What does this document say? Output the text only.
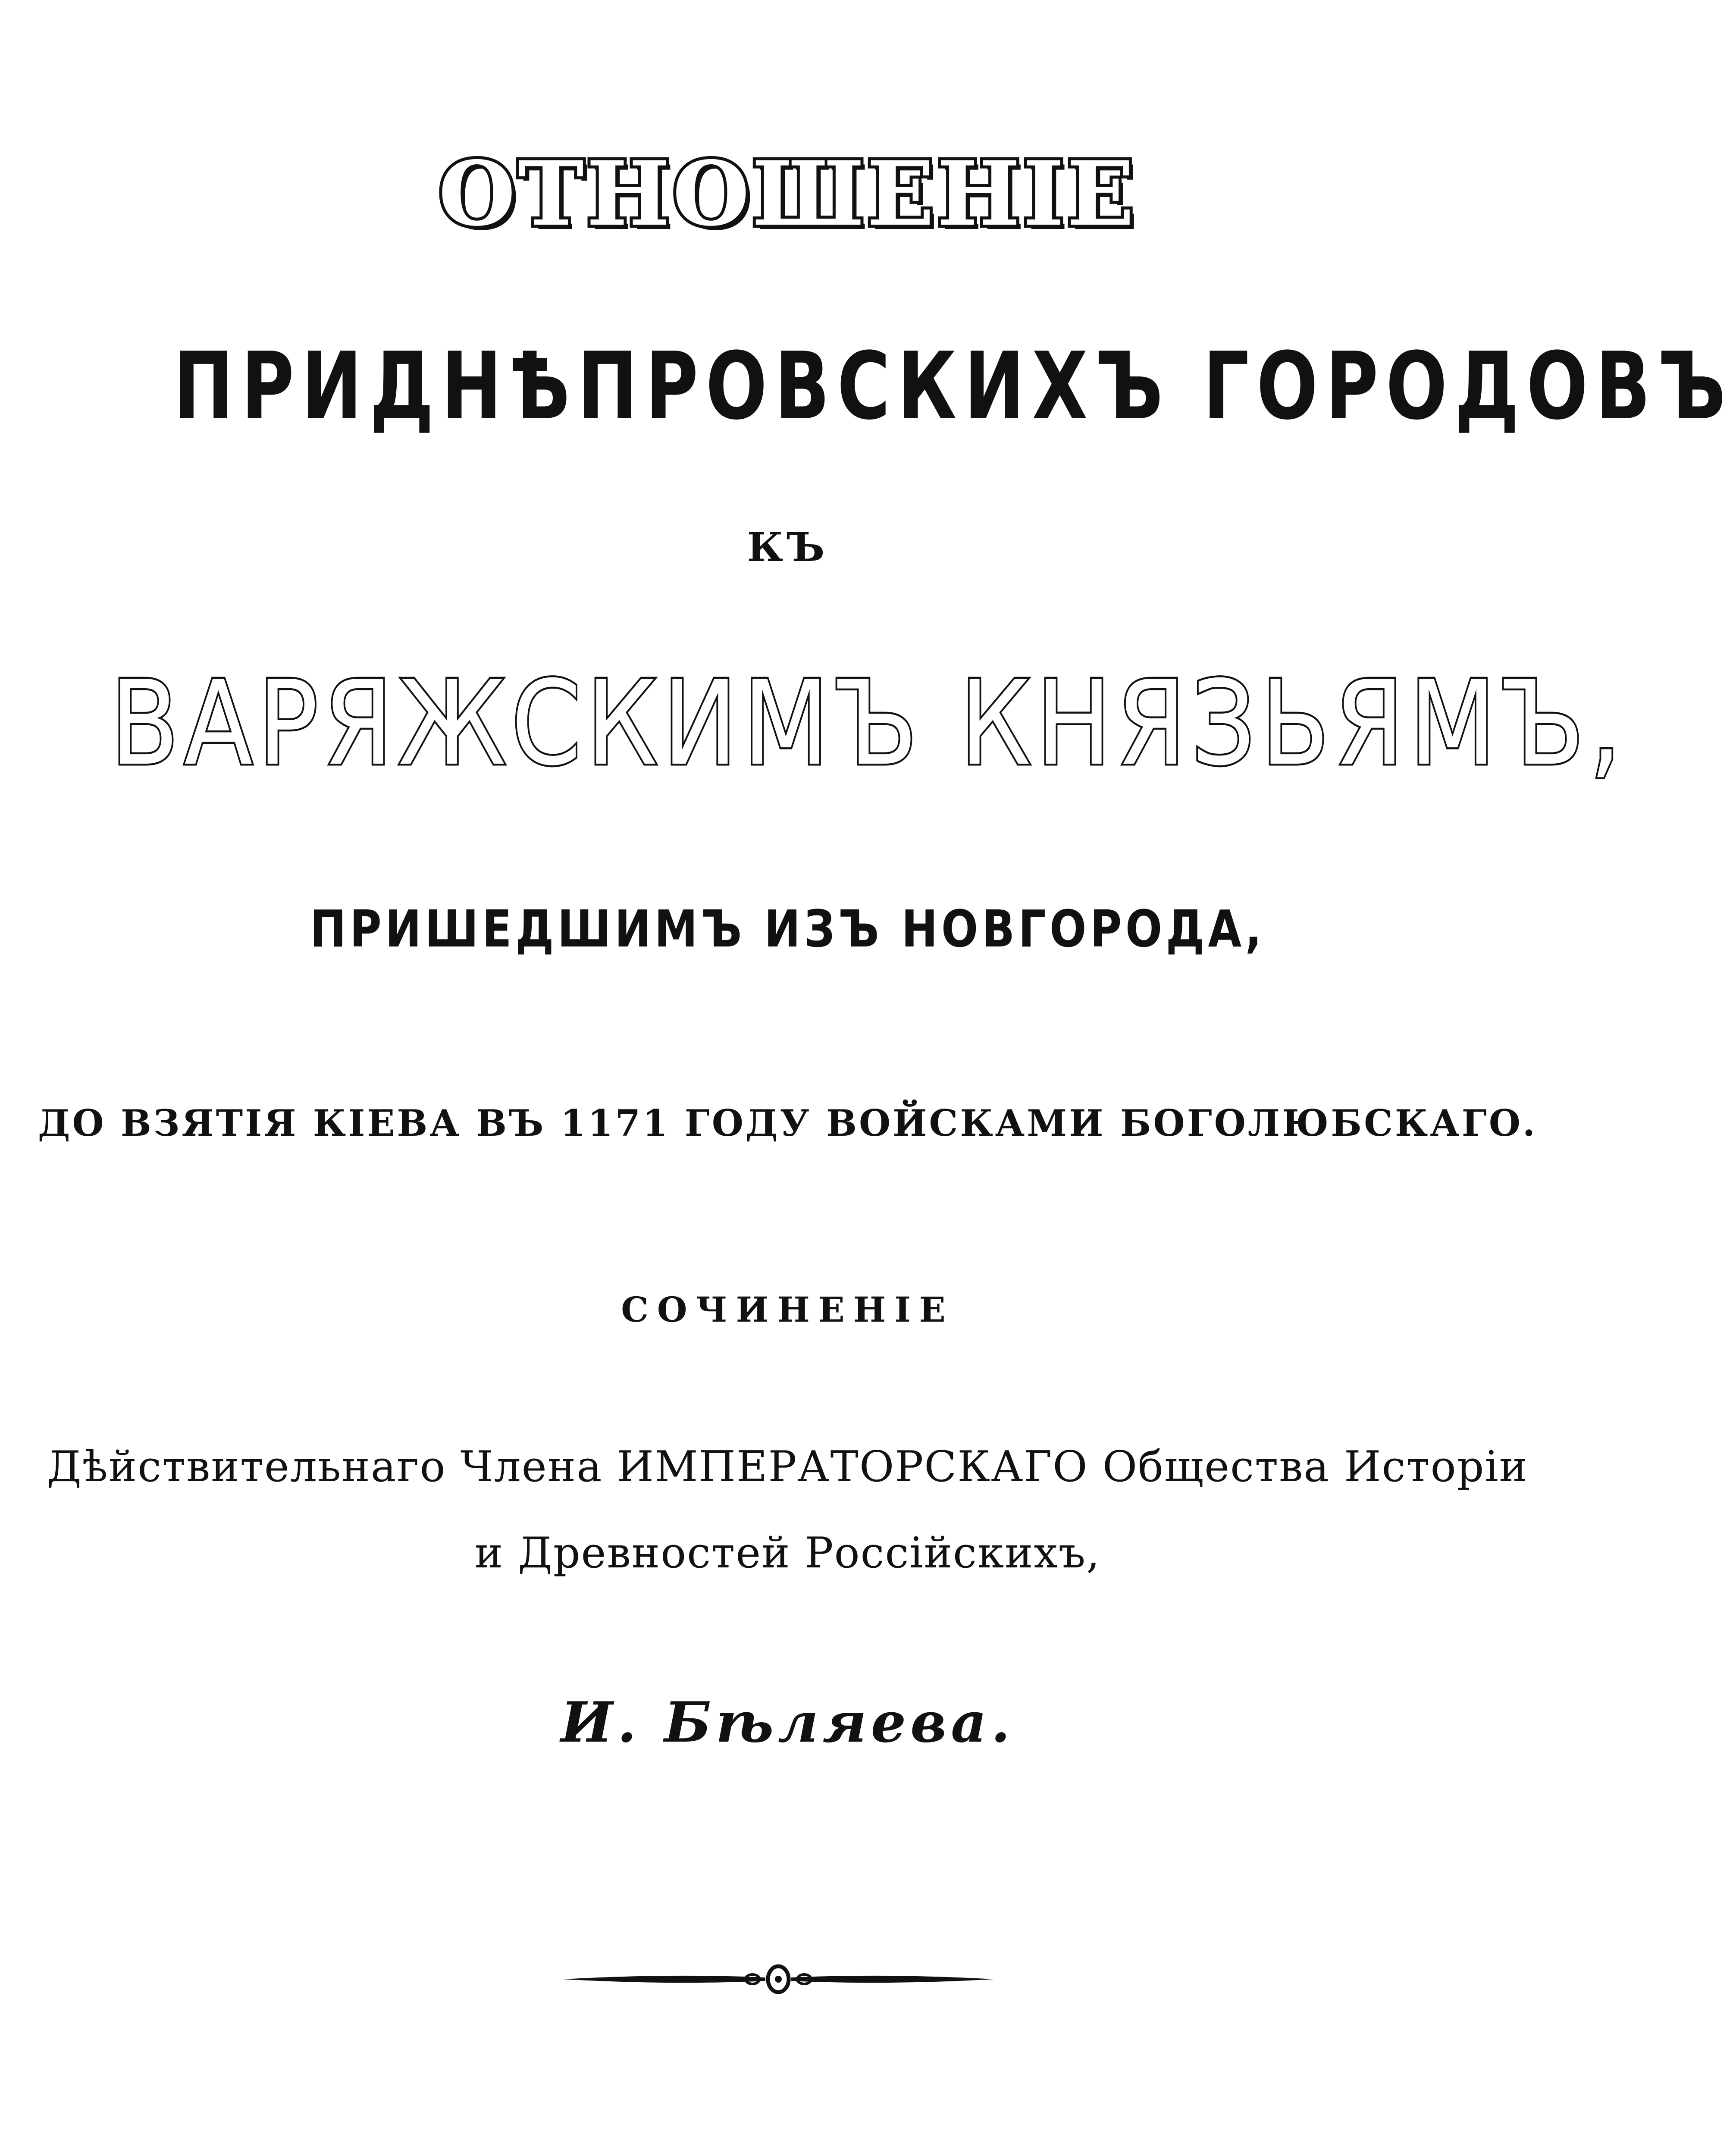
ОТНОШЕНІЕ
ПРИДНѢПРОВСКИХЪ ГОРОДОВЪ
КЪ
ВАРЯЖСКИМЪ КНЯЗЬЯМЪ,
ПРИШЕДШИМЪ ИЗЪ НОВГОРОДА,
ДО ВЗЯТІЯ КІЕВА ВЪ 1171 ГОДУ ВОЙСКАМИ БОГОЛЮБСКАГО.
СОЧИНЕНІЕ
Дѣйствительнаго Члена ИМПЕРАТОРСКАГО Общества Исторіи
и Древностей Россійскихъ,
И. Бѣляева.
